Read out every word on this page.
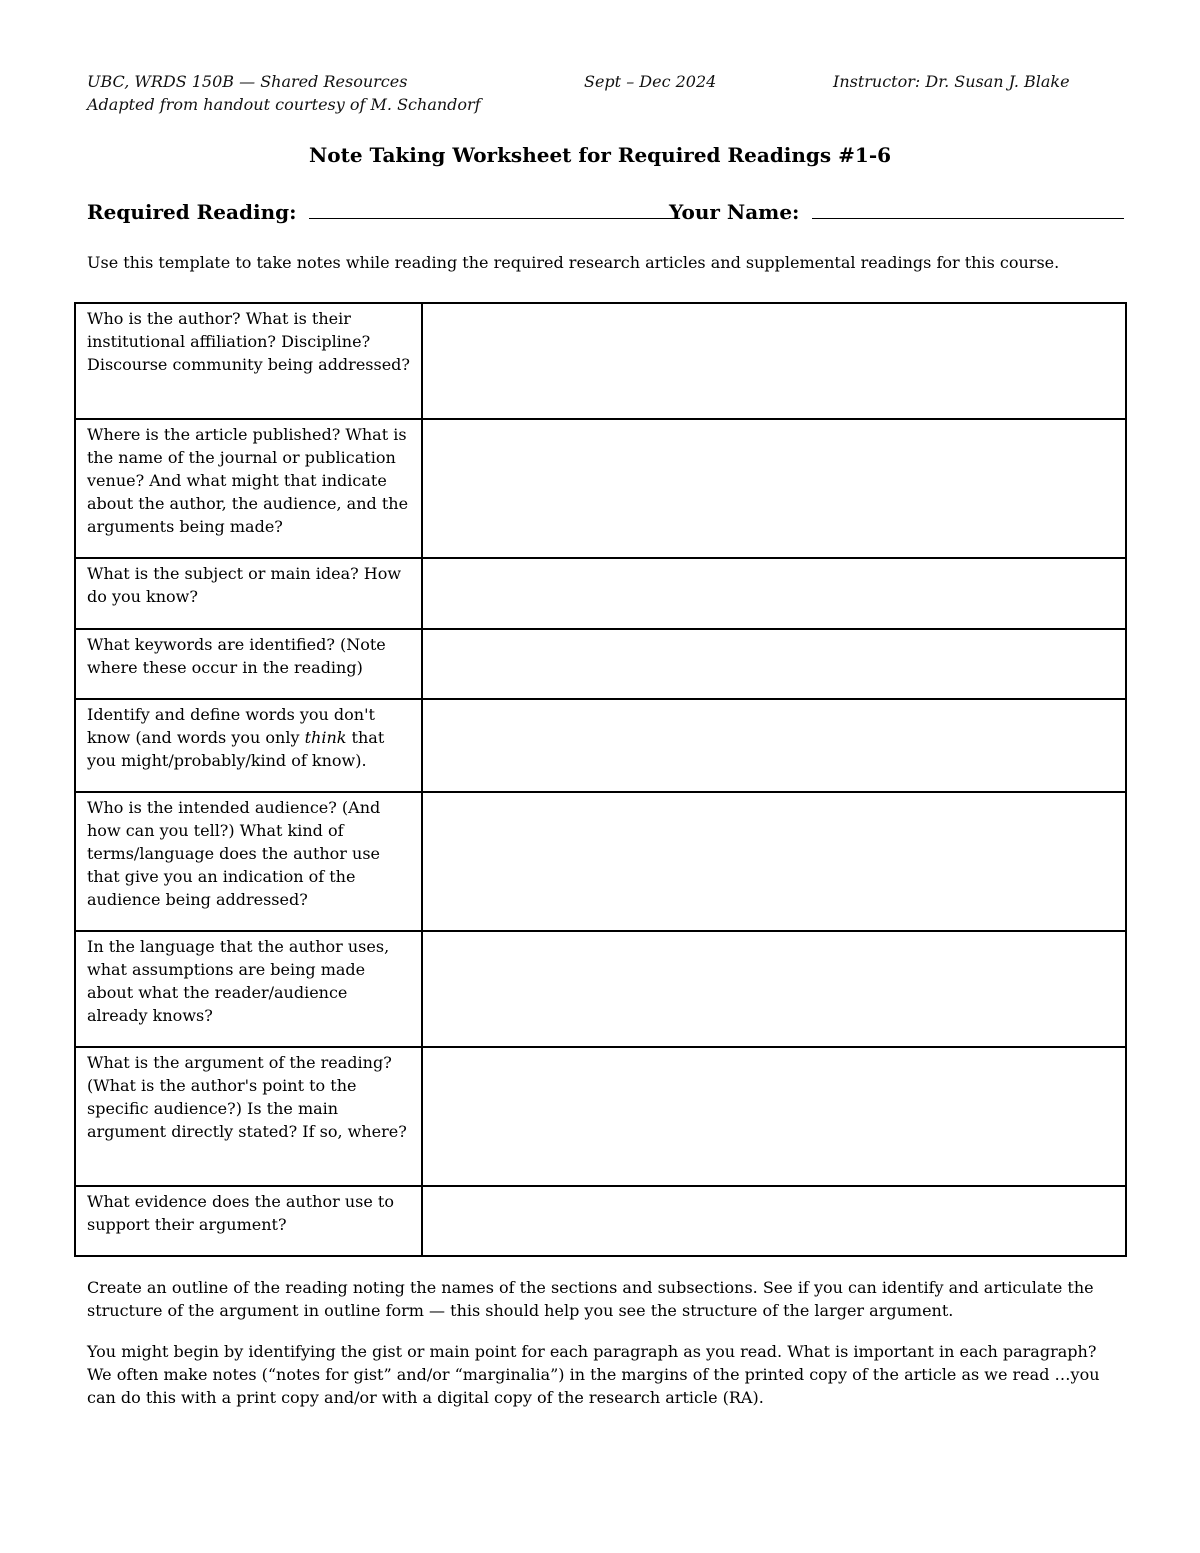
UBC, WRDS 150B — Shared Resources	Sept – Dec 2024	Instructor: Dr. Susan J. Blake
Adapted from handout courtesy of M. Schandorf
Note Taking Worksheet for Required Readings #1-6
Required Reading:	Your Name:
Use this template to take notes while reading the required research articles and supplemental readings for this course.
Who is the author? What is their institutional affiliation? Discipline? Discourse community being addressed?	
Where is the article published? What is the name of the journal or publication venue? And what might that indicate about the author, the audience, and the arguments being made?	
What is the subject or main idea? How do you know?	
What keywords are identified? (Note where these occur in the reading)	
Identify and define words you don't know (and words you only think that you might/probably/kind of know).	
Who is the intended audience? (And how can you tell?) What kind of terms/language does the author use that give you an indication of the audience being addressed?	
In the language that the author uses, what assumptions are being made about what the reader/audience already knows?	
What is the argument of the reading? (What is the author's point to the specific audience?) Is the main argument directly stated? If so, where?	
What evidence does the author use to support their argument?	

Create an outline of the reading noting the names of the sections and subsections. See if you can identify and articulate the structure of the argument in outline form — this should help you see the structure of the larger argument.

You might begin by identifying the gist or main point for each paragraph as you read. What is important in each paragraph? We often make notes (“notes for gist” and/or “marginalia”) in the margins of the printed copy of the article as we read …you can do this with a print copy and/or with a digital copy of the research article (RA).
